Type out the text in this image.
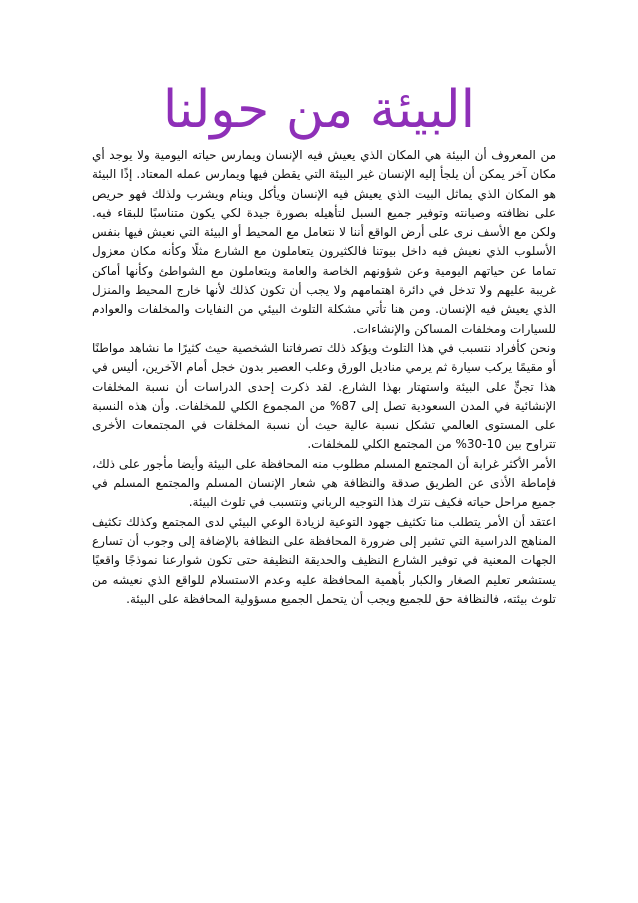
البيئة من حولنا

من المعروف أن البيئة هي المكان الذي يعيش فيه الإنسان ويمارس حياته اليومية ولا يوجد أي مكان آخر يمكن أن يلجأ إليه الإنسان غير البيئة التي يقطن فيها ويمارس عمله المعتاد. إذًا البيئة هو المكان الذي يماثل البيت الذي يعيش فيه الإنسان ويأكل وينام ويشرب ولذلك فهو حريص على نظافته وصيانته وتوفير جميع السبل لتأهيله بصورة جيدة لكي يكون متناسبًا للبقاء فيه. ولكن مع الأسف نرى على أرض الواقع أننا لا نتعامل مع المحيط أو البيئة التي نعيش فيها بنفس الأسلوب الذي نعيش فيه داخل بيوتنا فالكثيرون يتعاملون مع الشارع مثلًا وكأنه مكان معزول تماما عن حياتهم اليومية وعن شؤونهم الخاصة والعامة ويتعاملون مع الشواطئ وكأنها أماكن غريبة عليهم ولا تدخل في دائرة اهتمامهم ولا يجب أن تكون كذلك لأنها خارج المحيط والمنزل الذي يعيش فيه الإنسان. ومن هنا تأتي مشكلة التلوث البيئي من النفايات والمخلفات والعوادم للسيارات ومخلفات المساكن والإنشاءات.

ونحن كأفراد نتسبب في هذا التلوث ويؤكد ذلك تصرفاتنا الشخصية حيث كثيرًا ما نشاهد مواطنًا أو مقيمًا يركب سيارة ثم يرمي مناديل الورق وعلب العصير بدون خجل أمام الآخرين، أليس في هذا تجنٍّ على البيئة واستهتار بهذا الشارع. لقد ذكرت إحدى الدراسات أن نسبة المخلفات الإنشائية في المدن السعودية تصل إلى 87% من المجموع الكلي للمخلفات. وأن هذه النسبة على المستوى العالمي تشكل نسبة عالية حيث أن نسبة المخلفات في المجتمعات الأخرى تتراوح بين 10-30% من المجتمع الكلي للمخلفات.

الأمر الأكثر غرابة أن المجتمع المسلم مطلوب منه المحافظة على البيئة وأيضا مأجور على ذلك، فإماطة الأذى عن الطريق صدقة والنظافة هي شعار الإنسان المسلم والمجتمع المسلم في جميع مراحل حياته فكيف نترك هذا التوجيه الرباني ونتسبب في تلوث البيئة.

اعتقد أن الأمر يتطلب منا تكثيف جهود التوعية لزيادة الوعي البيئي لدى المجتمع وكذلك تكثيف المناهج الدراسية التي تشير إلى ضرورة المحافظة على النظافة بالإضافة إلى وجوب أن تسارع الجهات المعنية في توفير الشارع النظيف والحديقة النظيفة حتى تكون شوارعنا نموذجًا واقعيًا يستشعر تعليم الصغار والكبار بأهمية المحافظة عليه وعدم الاستسلام للواقع الذي نعيشه من تلوث بيئته، فالنظافة حق للجميع ويجب أن يتحمل الجميع مسؤولية المحافظة على البيئة.
